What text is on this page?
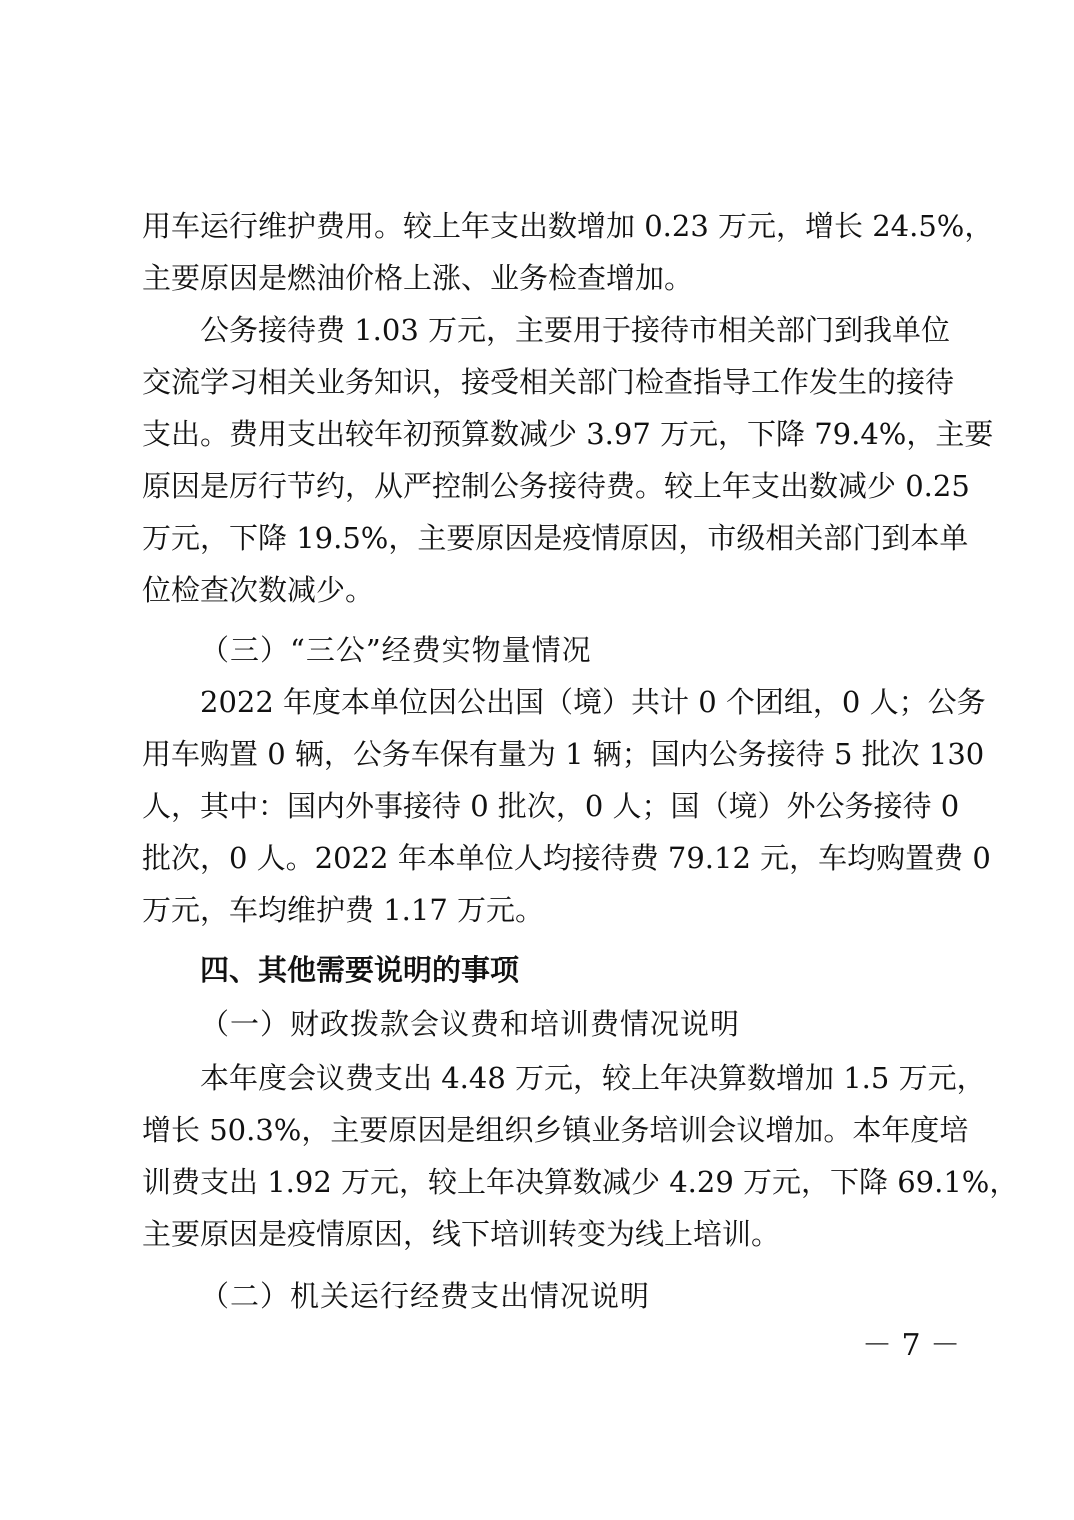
用车运行维护费用。较上年支出数增加 0.23 万元，增长 24.5%，
主要原因是燃油价格上涨、业务检查增加。
公务接待费 1.03 万元，主要用于接待市相关部门到我单位
交流学习相关业务知识，接受相关部门检查指导工作发生的接待
支出。费用支出较年初预算数减少 3.97 万元，下降 79.4%，主要
原因是厉行节约，从严控制公务接待费。较上年支出数减少 0.25
万元，下降 19.5%，主要原因是疫情原因，市级相关部门到本单
位检查次数减少。
（三）“三公”经费实物量情况
2022 年度本单位因公出国（境）共计 0 个团组，0 人；公务
用车购置 0 辆，公务车保有量为 1 辆；国内公务接待 5 批次 130
人，其中：国内外事接待 0 批次，0 人；国（境）外公务接待 0
批次，0 人。2022 年本单位人均接待费 79.12 元，车均购置费 0
万元，车均维护费 1.17 万元。
四、其他需要说明的事项
（一）财政拨款会议费和培训费情况说明
本年度会议费支出 4.48 万元，较上年决算数增加 1.5 万元，
增长 50.3%，主要原因是组织乡镇业务培训会议增加。本年度培
训费支出 1.92 万元，较上年决算数减少 4.29 万元，下降 69.1%，
主要原因是疫情原因，线下培训转变为线上培训。
（二）机关运行经费支出情况说明
－ 7 －
